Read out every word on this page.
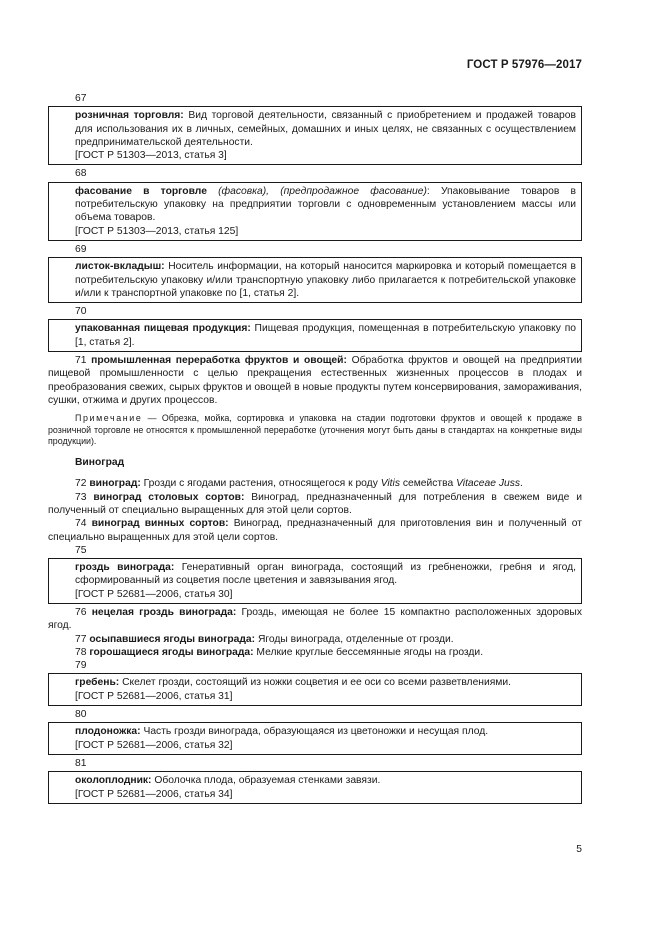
ГОСТ Р 57976—2017
67

розничная торговля: Вид торговой деятельности, связанный с приобретением и продажей товаров для использования их в личных, семейных, домашних и иных целях, не связанных с осуществлением предпринимательской деятельности.

[ГОСТ Р 51303—2013, статья 3]

68

фасование в торговле (фасовка), (предпродажное фасование): Упаковывание товаров в потребительскую упаковку на предприятии торговли с одновременным установлением массы или объема товаров.

[ГОСТ Р 51303—2013, статья 125]

69

листок-вкладыш: Носитель информации, на который наносится маркировка и который помещается в потребительскую упаковку и/или транспортную упаковку либо прилагается к потребительской упаковке и/или к транспортной упаковке по [1, статья 2].

70

упакованная пищевая продукция: Пищевая продукция, помещенная в потребительскую упаковку по [1, статья 2].

71 промышленная переработка фруктов и овощей: Обработка фруктов и овощей на предприятии пищевой промышленности с целью прекращения естественных жизненных процессов в плодах и преобразования свежих, сырых фруктов и овощей в новые продукты путем консервирования, замораживания, сушки, отжима и других процессов.

Примечание — Обрезка, мойка, сортировка и упаковка на стадии подготовки фруктов и овощей к продаже в розничной торговле не относятся к промышленной переработке (уточнения могут быть даны в стандартах на конкретные виды продукции).

Виноград

72 виноград: Грозди с ягодами растения, относящегося к роду Vitis семейства Vitaceae Juss.

73 виноград столовых сортов: Виноград, предназначенный для потребления в свежем виде и полученный от специально выращенных для этой цели сортов.

74 виноград винных сортов: Виноград, предназначенный для приготовления вин и полученный от специально выращенных для этой цели сортов.

75

гроздь винограда: Генеративный орган винограда, состоящий из гребненожки, гребня и ягод, сформированный из соцветия после цветения и завязывания ягод.

[ГОСТ Р 52681—2006, статья 30]

76 нецелая гроздь винограда: Гроздь, имеющая не более 15 компактно расположенных здоровых ягод.

77 осыпавшиеся ягоды винограда: Ягоды винограда, отделенные от грозди.

78 горошащиеся ягоды винограда: Мелкие круглые бессемянные ягоды на грозди.

79

гребень: Скелет грозди, состоящий из ножки соцветия и ее оси со всеми разветвлениями.

[ГОСТ Р 52681—2006, статья 31]

80

плодоножка: Часть грозди винограда, образующаяся из цветоножки и несущая плод.

[ГОСТ Р 52681—2006, статья 32]

81

околоплодник: Оболочка плода, образуемая стенками завязи.

[ГОСТ Р 52681—2006, статья 34]

5
